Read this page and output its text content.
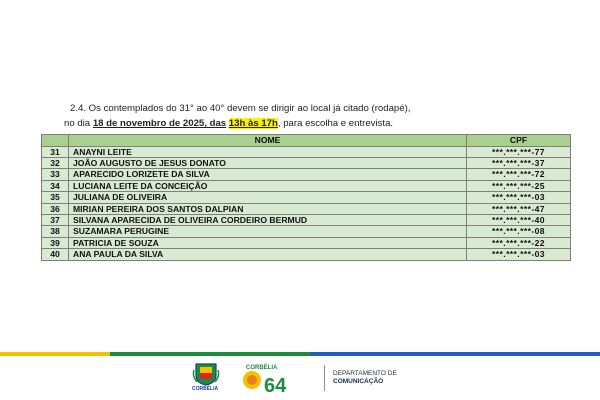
2.4. Os contemplados do 31° ao 40° devem se dirigir ao local já citado (rodapé),
no dia 18 de novembro de 2025, das 13h às 17h, para escolha e entrevista.
	NOME	CPF
31	ANAYNI LEITE	***.***.***-77
32	JOÃO AUGUSTO DE JESUS DONATO	***.***.***-37
33	APARECIDO LORIZETE DA SILVA	***.***.***-72
34	LUCIANA LEITE DA CONCEIÇÃO	***.***.***-25
35	JULIANA DE OLIVEIRA	***.***.***-03
36	MIRIAN PEREIRA DOS SANTOS DALPIAN	***.***.***-47
37	SILVANA APARECIDA DE OLIVEIRA CORDEIRO BERMUD	***.***.***-40
38	SUZAMARA PERUGINE	***.***.***-08
39	PATRICIA DE SOUZA	***.***.***-22
40	ANA PAULA DA SILVA	***.***.***-03
CORBÉLIA
CORBÉLIA
64
DEPARTAMENTO DE
COMUNICAÇÃO
